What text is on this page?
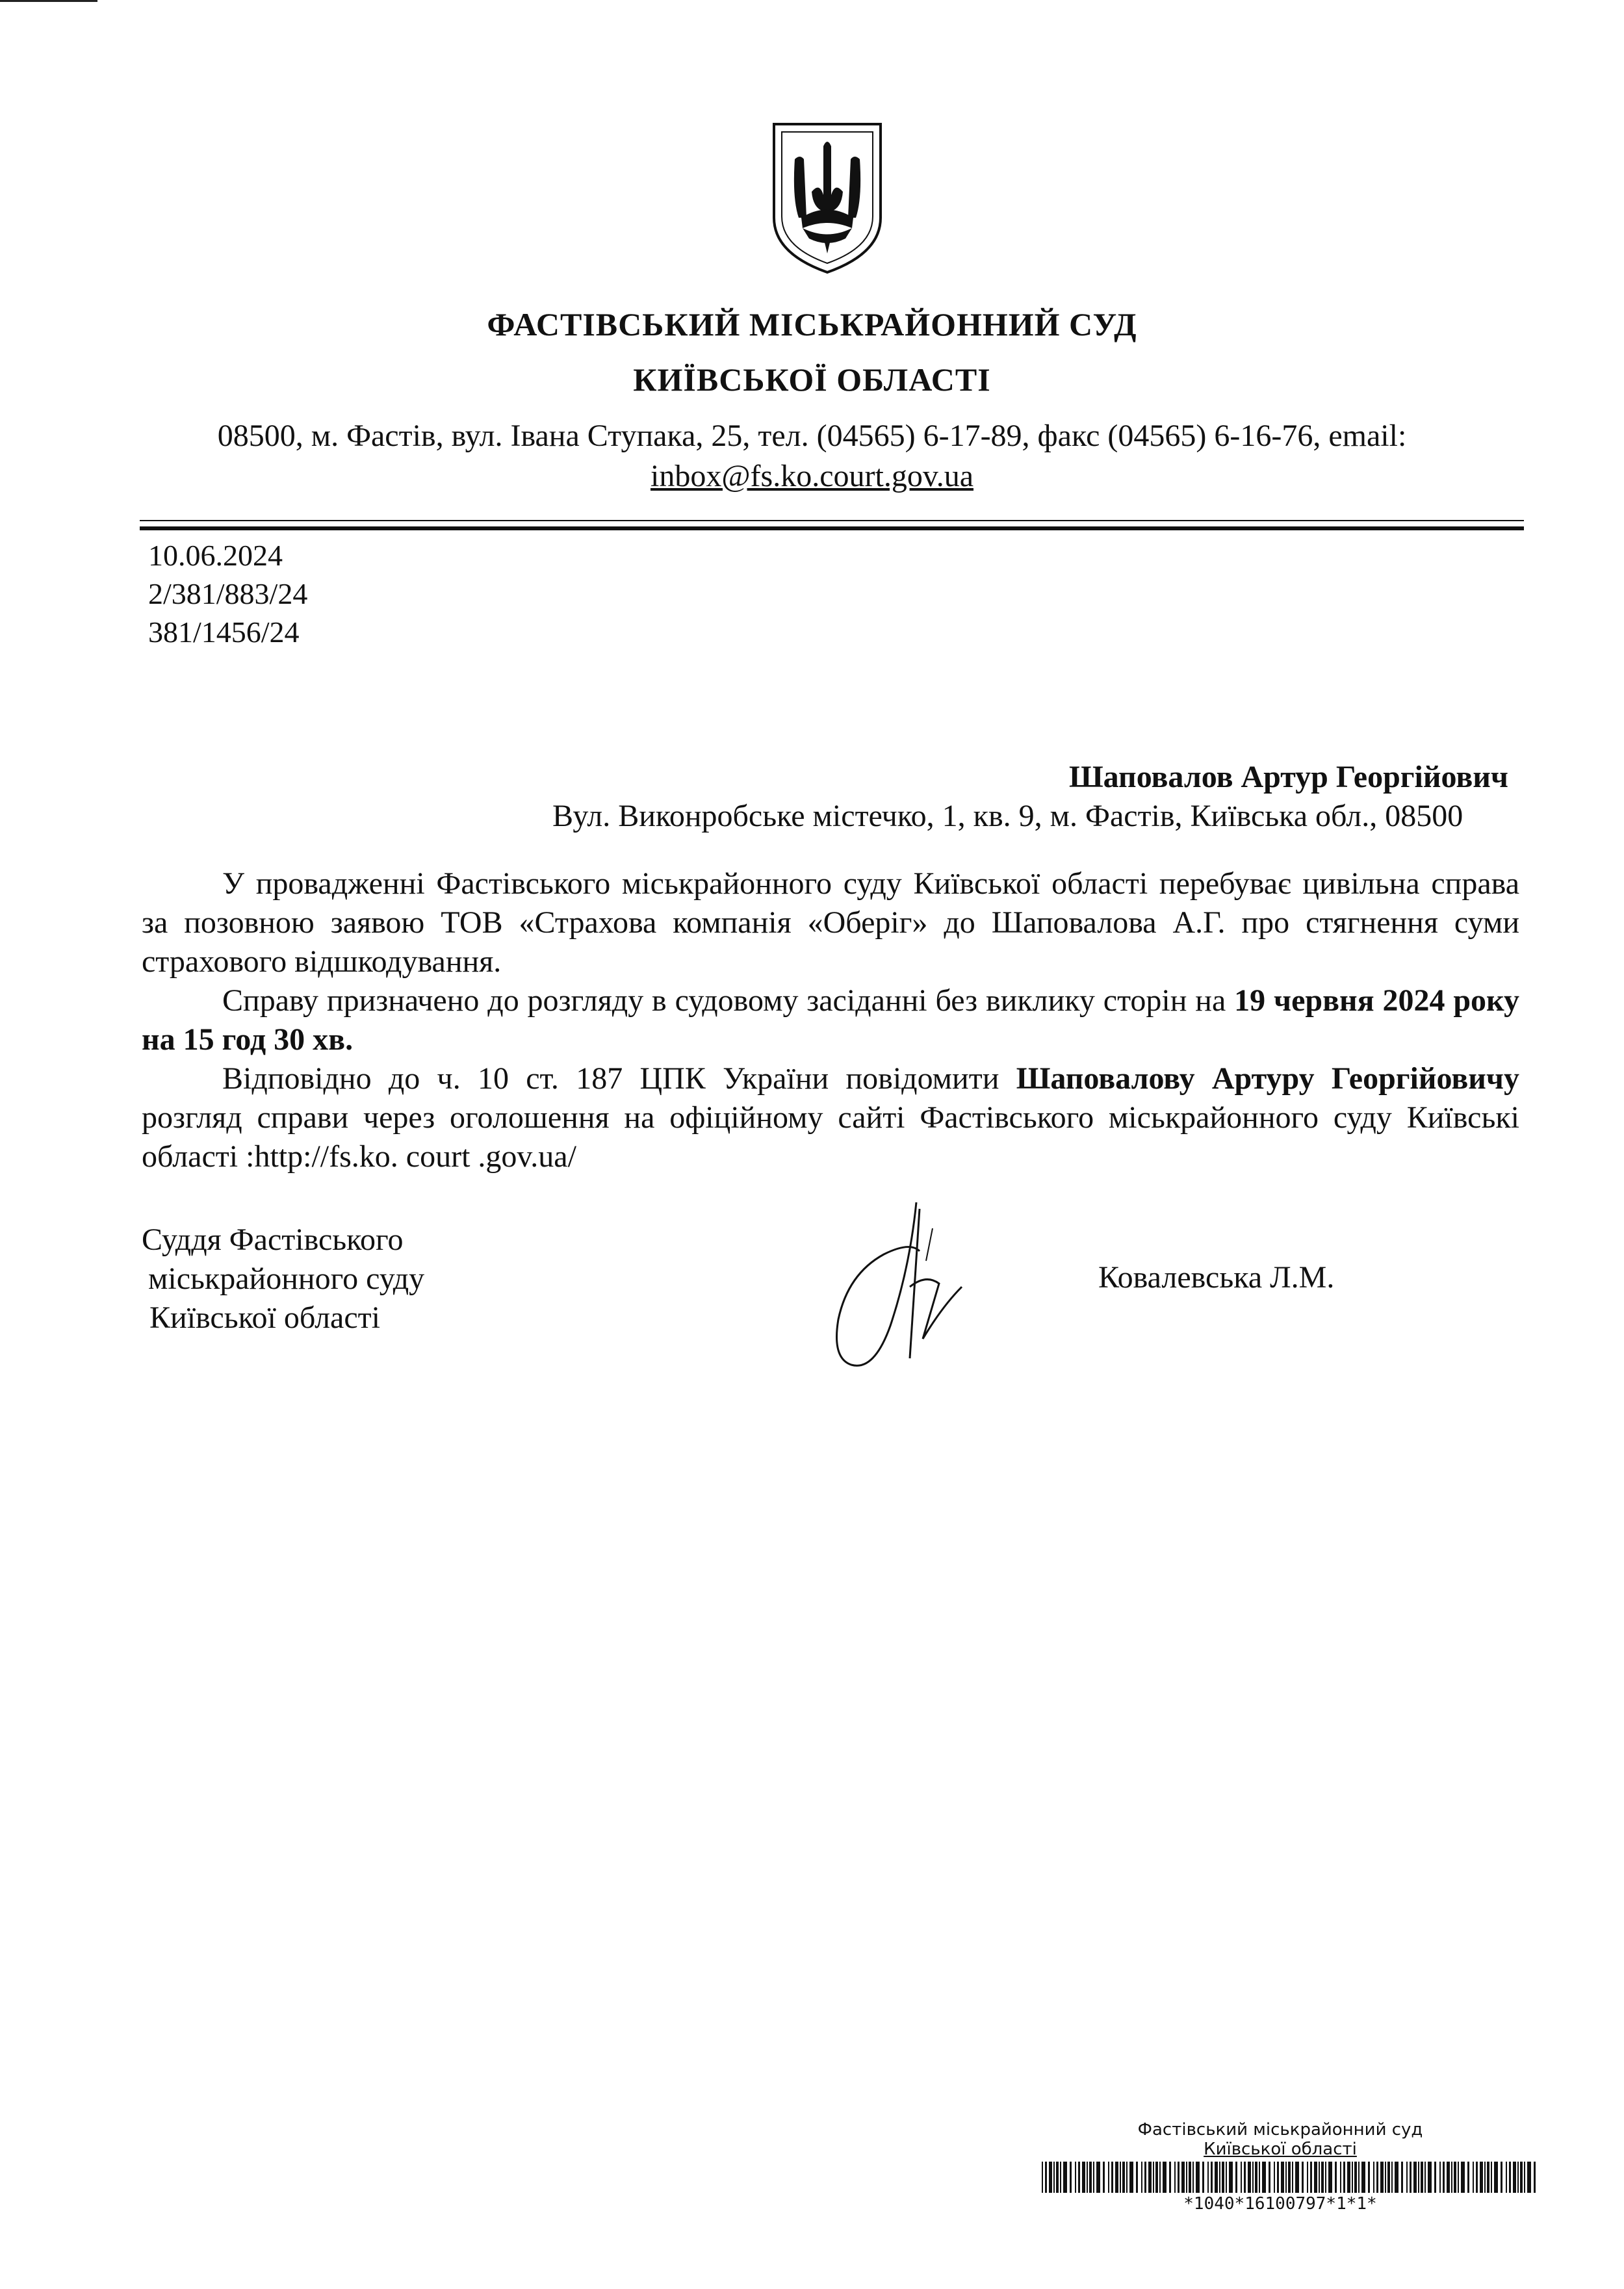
ФАСТІВСЬКИЙ МІСЬКРАЙОННИЙ СУД
КИЇВСЬКОЇ ОБЛАСТІ
08500, м. Фастів, вул. Івана Ступака, 25, тел. (04565) 6-17-89, факс (04565) 6-16-76, email:
inbox@fs.ko.court.gov.ua
10.06.2024
2/381/883/24
381/1456/24
Шаповалов Артур Георгійович
Вул. Виконробське містечко, 1, кв. 9, м. Фастів, Київська обл., 08500

У провадженні Фастівського міськрайонного суду Київської області перебуває цивільна справа за позовною заявою ТОВ «Страхова компанія «Оберіг» до Шаповалова А.Г. про стягнення суми страхового відшкодування.

Справу призначено до розгляду в судовому засіданні без виклику сторін на 19 червня 2024 року на 15 год 30 хв.

Відповідно до ч. 10 ст. 187 ЦПК України повідомити Шаповалову Артуру Георгійовичу розгляд справи через оголошення на офіційному сайті Фастівського міськрайонного суду Київські області :http://fs.ko. court .gov.ua/

Суддя Фастівського
міськрайонного суду
Київської області
Ковалевська Л.М.
Фастівський міськрайонний суд
Київської області
*1040*16100797*1*1*
